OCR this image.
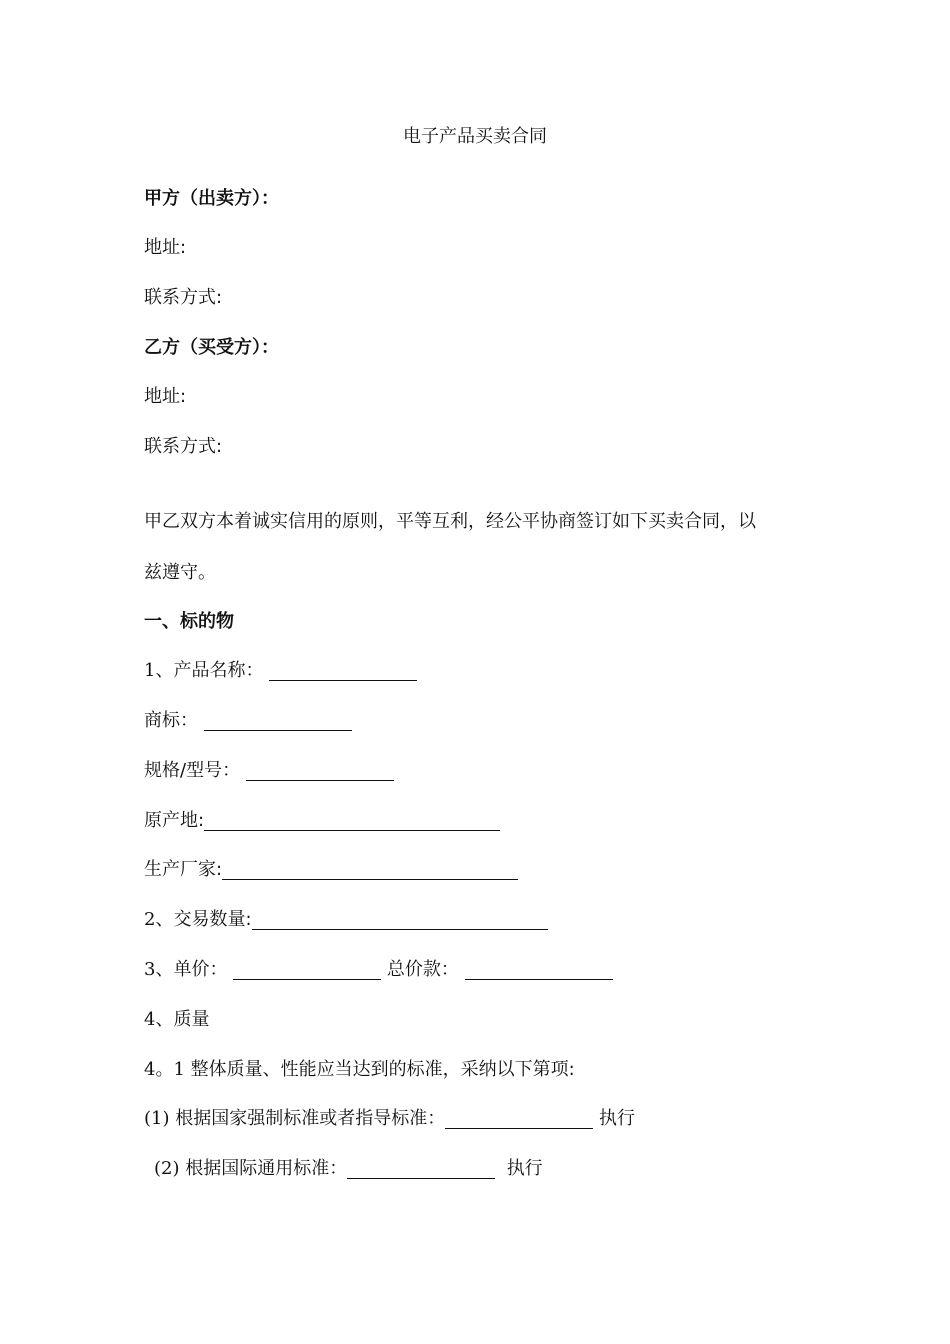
电子产品买卖合同
甲方（出卖方）：
地址:
联系方式:
乙方（买受方）：
地址:
联系方式:
甲乙双方本着诚实信用的原则，平等互利，经公平协商签订如下买卖合同，以
兹遵守。
一、标的物
1、产品名称：
商标：
规格/型号：
原产地:
生产厂家:
2、交易数量:
3、单价：	总价款：
4、质量
4。1 整体质量、性能应当达到的标准，采纳以下第项:
(1) 根据国家强制标准或者指导标准：	执行
(2) 根据国际通用标准：	执行
